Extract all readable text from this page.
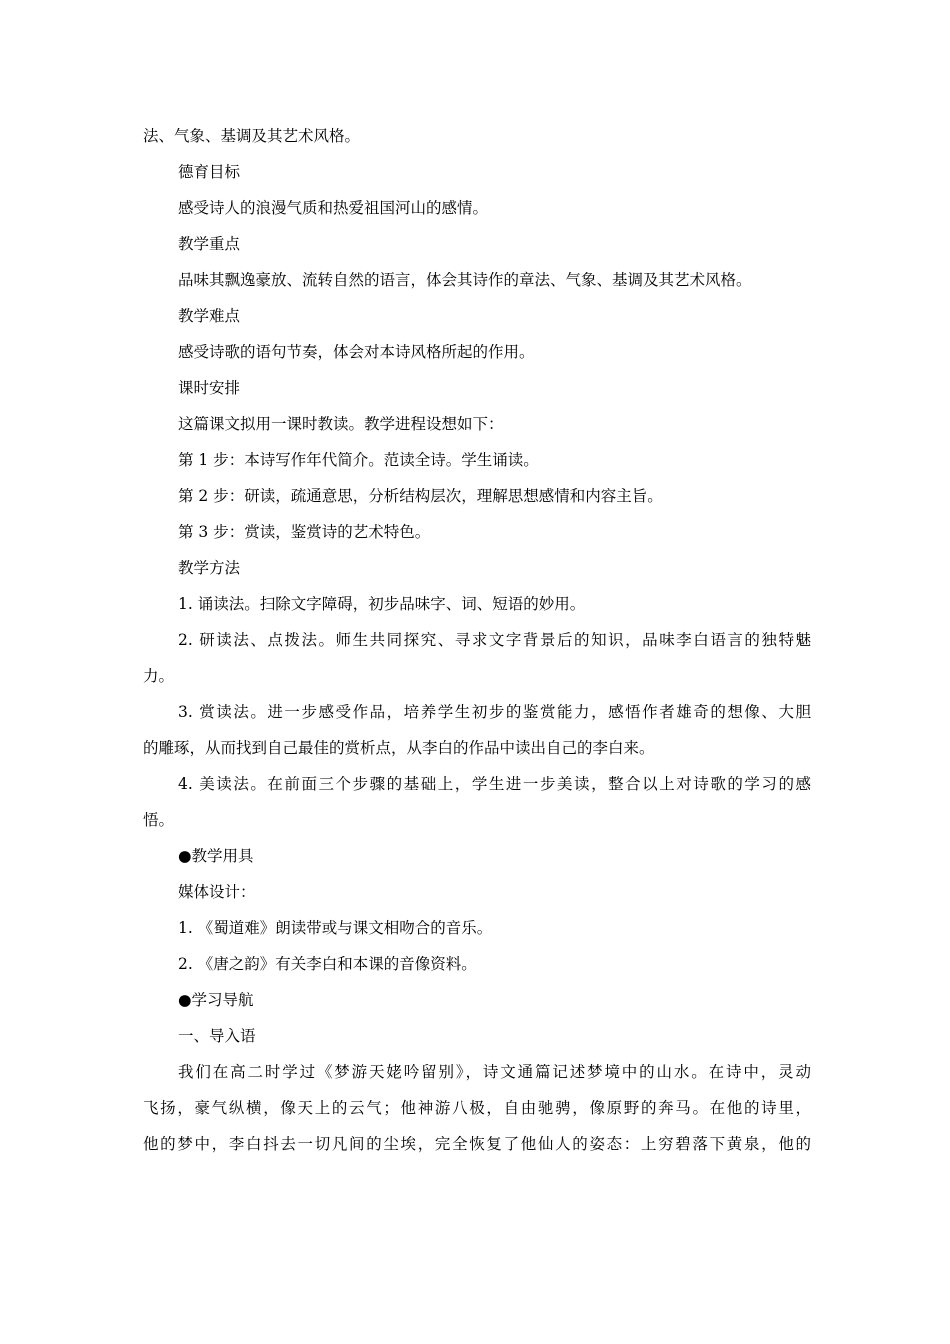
法、气象、基调及其艺术风格。
德育目标
感受诗人的浪漫气质和热爱祖国河山的感情。
教学重点
品味其飘逸豪放、流转自然的语言，体会其诗作的章法、气象、基调及其艺术风格。
教学难点
感受诗歌的语句节奏，体会对本诗风格所起的作用。
课时安排
这篇课文拟用一课时教读。教学进程设想如下：
第 1 步：本诗写作年代简介。范读全诗。学生诵读。
第 2 步：研读，疏通意思，分析结构层次，理解思想感情和内容主旨。
第 3 步：赏读，鉴赏诗的艺术特色。
教学方法
1. 诵读法。扫除文字障碍，初步品味字、词、短语的妙用。
2. 研读法、点拨法。师生共同探究、寻求文字背景后的知识，品味李白语言的独特魅
力。
3. 赏读法。进一步感受作品，培养学生初步的鉴赏能力，感悟作者雄奇的想像、大胆
的雕琢，从而找到自己最佳的赏析点，从李白的作品中读出自己的李白来。
4. 美读法。在前面三个步骤的基础上，学生进一步美读，整合以上对诗歌的学习的感
悟。
●教学用具
媒体设计：
1. 《蜀道难》朗读带或与课文相吻合的音乐。
2. 《唐之韵》有关李白和本课的音像资料。
●学习导航
一、导入语
我们在高二时学过《梦游天姥吟留别》，诗文通篇记述梦境中的山水。在诗中，灵动
飞扬，豪气纵横，像天上的云气；他神游八极，自由驰骋，像原野的奔马。在他的诗里，
他的梦中，李白抖去一切凡间的尘埃，完全恢复了他仙人的姿态：上穷碧落下黄泉，他的
